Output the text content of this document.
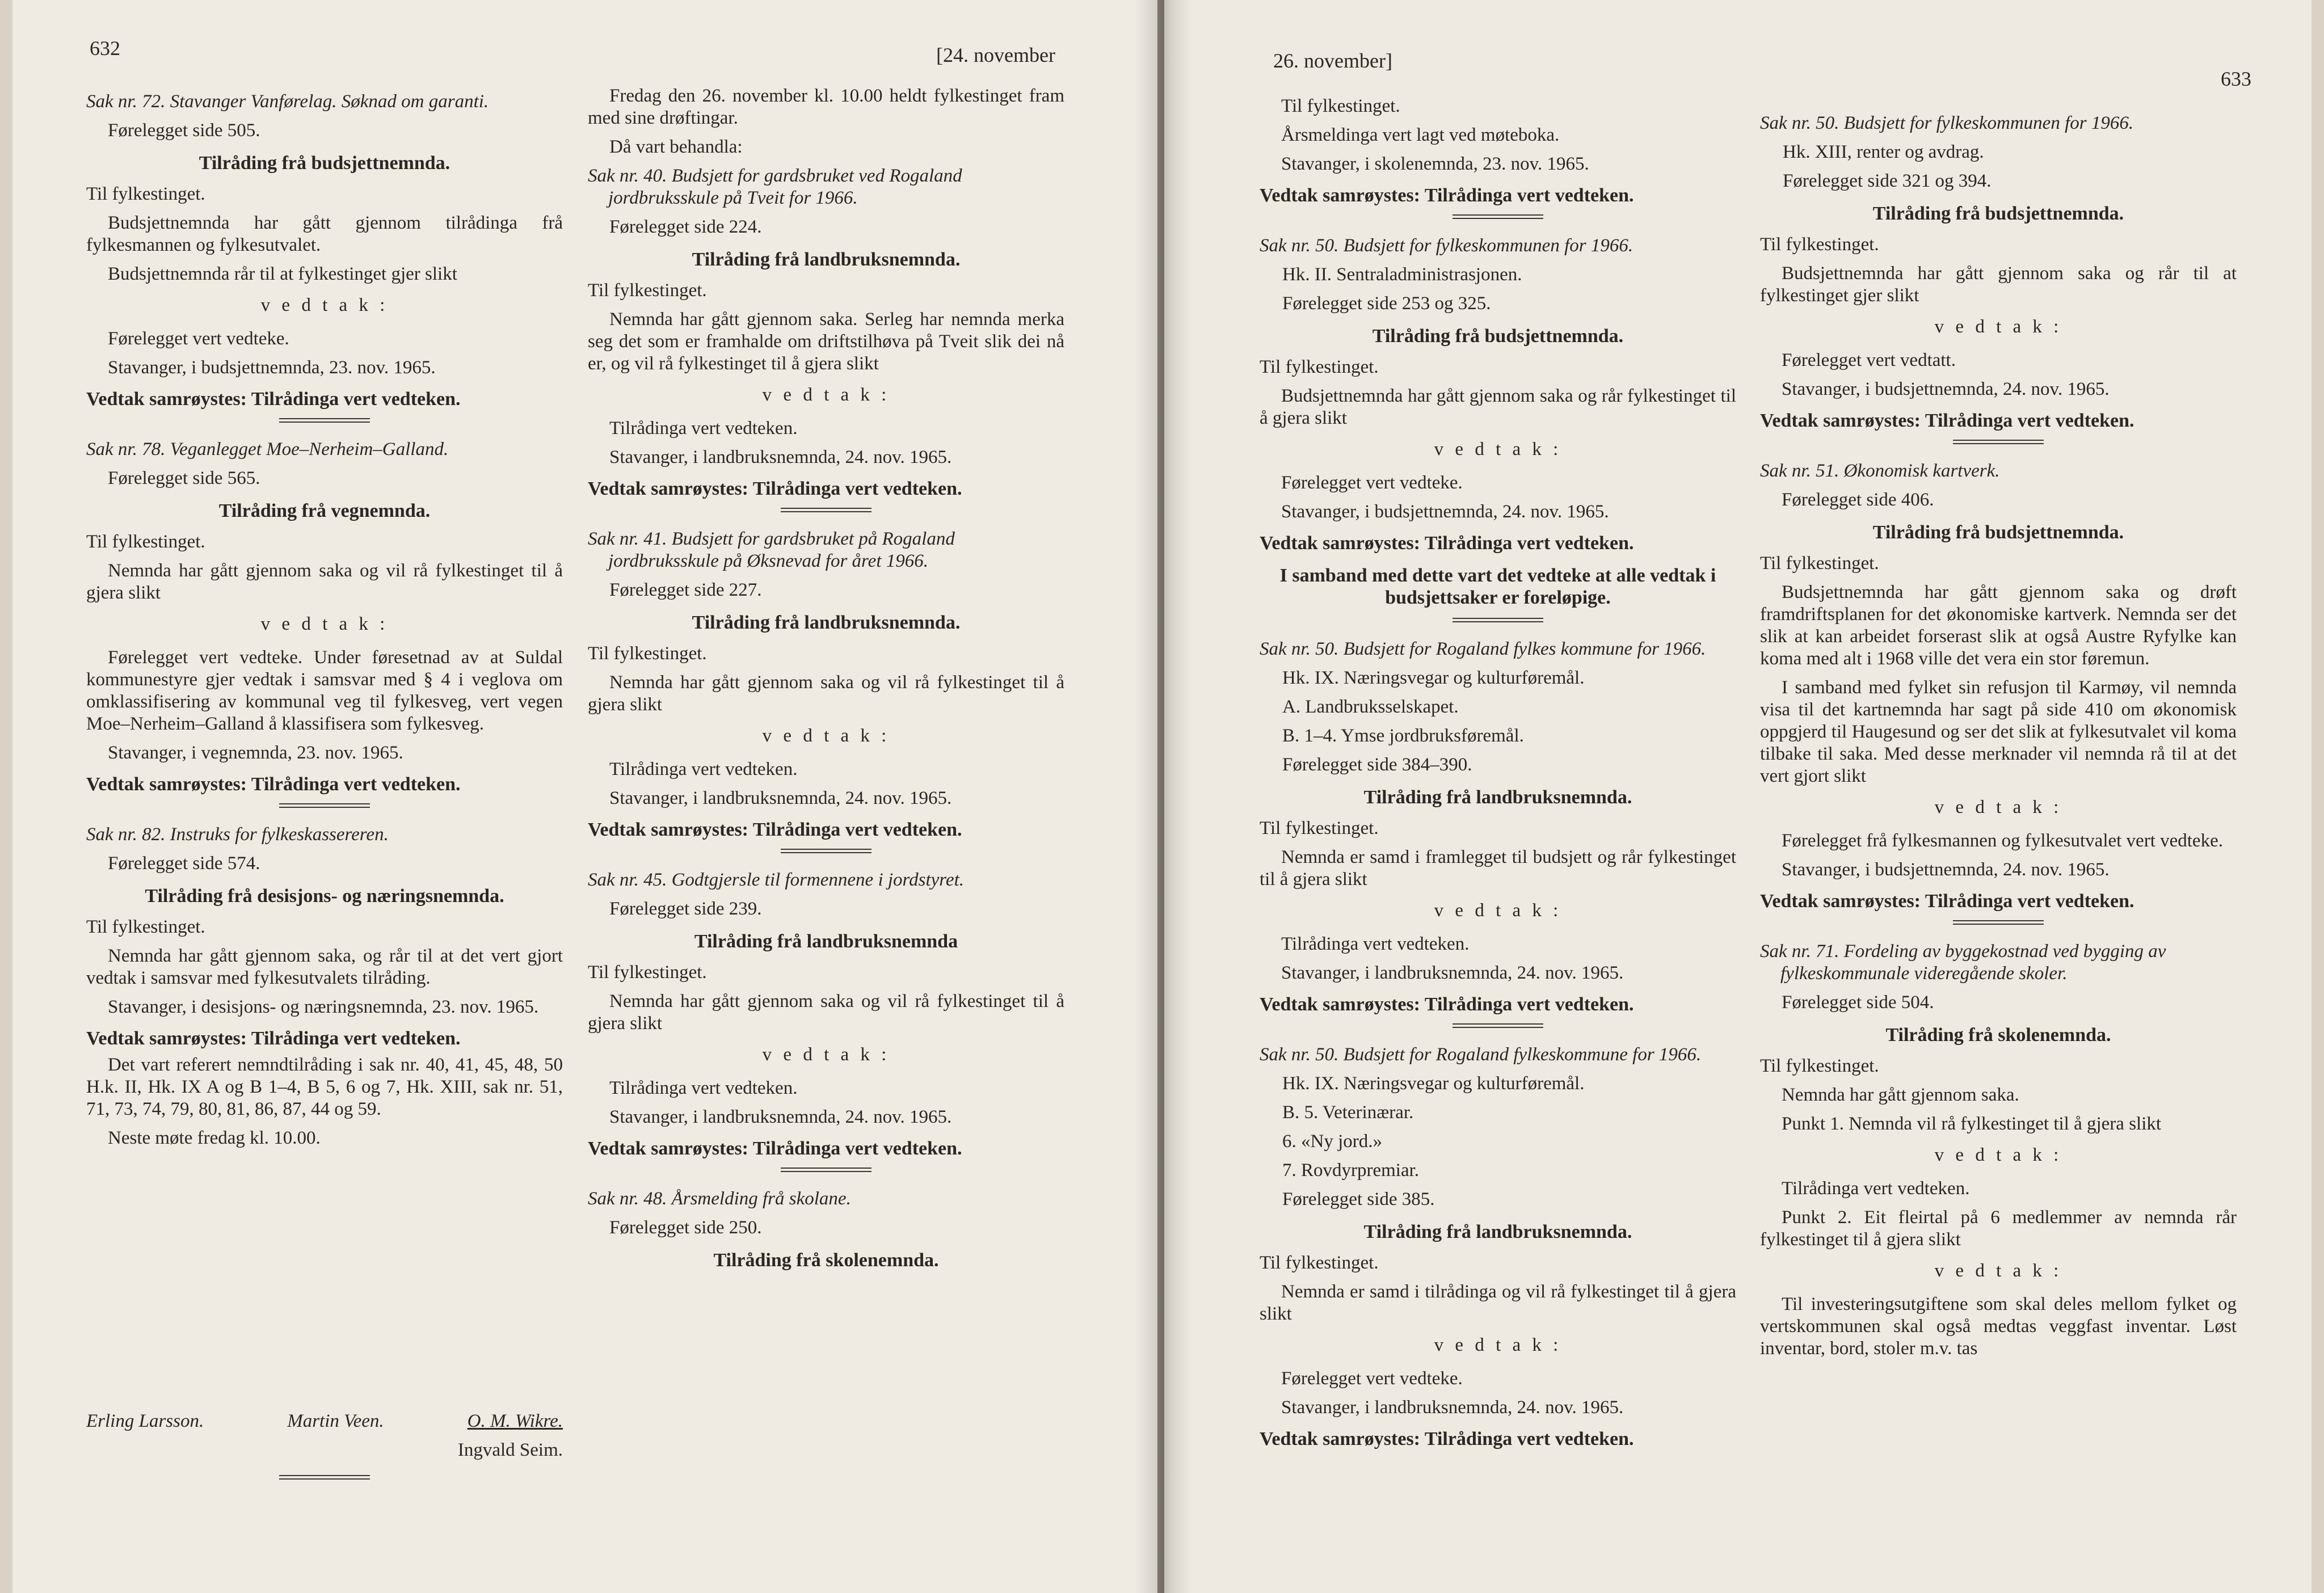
632	[24. november

Sak nr. 72. Stavanger Vanførelag. Søknad om garanti.

Førelegget side 505.

Tilråding frå budsjettnemnda.

Til fylkestinget.

Budsjettnemnda har gått gjennom tilrådinga frå fylkesmannen og fylkesutvalet.

Budsjettnemnda rår til at fylkestinget gjer slikt

v e d t a k :

Førelegget vert vedteke.

Stavanger, i budsjettnemnda, 23. nov. 1965.

Vedtak samrøystes: Tilrådinga vert vedteken.

Sak nr. 78. Veganlegget Moe–Nerheim–Galland.

Førelegget side 565.

Tilråding frå vegnemnda.

Til fylkestinget.

Nemnda har gått gjennom saka og vil rå fylkestinget til å gjera slikt

v e d t a k :

Førelegget vert vedteke. Under føresetnad av at Suldal kommunestyre gjer vedtak i samsvar med § 4 i veglova om omklassifisering av kommunal veg til fylkesveg, vert vegen Moe–Nerheim–Galland å klassifisera som fylkesveg.

Stavanger, i vegnemnda, 23. nov. 1965.

Vedtak samrøystes: Tilrådinga vert vedteken.

Sak nr. 82. Instruks for fylkeskassereren.

Førelegget side 574.

Tilråding frå desisjons- og næringsnemnda.

Til fylkestinget.

Nemnda har gått gjennom saka, og rår til at det vert gjort vedtak i samsvar med fylkesutvalets tilråding.

Stavanger, i desisjons- og næringsnemnda, 23. nov. 1965.

Vedtak samrøystes: Tilrådinga vert vedteken.

Det vart referert nemndtilråding i sak nr. 40, 41, 45, 48, 50 H.k. II, Hk. IX A og B 1–4, B 5, 6 og 7, Hk. XIII, sak nr. 51, 71, 73, 74, 79, 80, 81, 86, 87, 44 og 59.

Neste møte fredag kl. 10.00.

Erling Larsson.	Martin Veen.	O. M. Wikre.

Ingvald Seim.

Fredag den 26. november kl. 10.00 heldt fylkestinget fram med sine drøftingar.

Då vart behandla:

Sak nr. 40. Budsjett for gardsbruket ved Rogaland jordbruksskule på Tveit for 1966.

Førelegget side 224.

Tilråding frå landbruksnemnda.

Til fylkestinget.

Nemnda har gått gjennom saka. Serleg har nemnda merka seg det som er framhalde om driftstilhøva på Tveit slik dei nå er, og vil rå fylkestinget til å gjera slikt

v e d t a k :

Tilrådinga vert vedteken.

Stavanger, i landbruksnemnda, 24. nov. 1965.

Vedtak samrøystes: Tilrådinga vert vedteken.

Sak nr. 41. Budsjett for gardsbruket på Rogaland jordbruksskule på Øksnevad for året 1966.

Førelegget side 227.

Tilråding frå landbruksnemnda.

Til fylkestinget.

Nemnda har gått gjennom saka og vil rå fylkestinget til å gjera slikt

v e d t a k :

Tilrådinga vert vedteken.

Stavanger, i landbruksnemnda, 24. nov. 1965.

Vedtak samrøystes: Tilrådinga vert vedteken.

Sak nr. 45. Godtgjersle til formennene i jordstyret.

Førelegget side 239.

Tilråding frå landbruksnemnda

Til fylkestinget.

Nemnda har gått gjennom saka og vil rå fylkestinget til å gjera slikt

v e d t a k :

Tilrådinga vert vedteken.

Stavanger, i landbruksnemnda, 24. nov. 1965.

Vedtak samrøystes: Tilrådinga vert vedteken.

Sak nr. 48. Årsmelding frå skolane.

Førelegget side 250.

Tilråding frå skolenemnda.

26. november]
633

Til fylkestinget.

Årsmeldinga vert lagt ved møteboka.

Stavanger, i skolenemnda, 23. nov. 1965.

Vedtak samrøystes: Tilrådinga vert vedteken.

Sak nr. 50. Budsjett for fylkeskommunen for 1966.

Hk. II. Sentraladministrasjonen.

Førelegget side 253 og 325.

Tilråding frå budsjettnemnda.

Til fylkestinget.

Budsjettnemnda har gått gjennom saka og rår fylkestinget til å gjera slikt

v e d t a k :

Førelegget vert vedteke.

Stavanger, i budsjettnemnda, 24. nov. 1965.

Vedtak samrøystes: Tilrådinga vert vedteken.

I samband med dette vart det vedteke at alle vedtak i budsjettsaker er foreløpige.

Sak nr. 50. Budsjett for Rogaland fylkes kommune for 1966.

Hk. IX. Næringsvegar og kulturføremål.

A. Landbruksselskapet.

B. 1–4. Ymse jordbruksføremål.

Førelegget side 384–390.

Tilråding frå landbruksnemnda.

Til fylkestinget.

Nemnda er samd i framlegget til budsjett og rår fylkestinget til å gjera slikt

v e d t a k :

Tilrådinga vert vedteken.

Stavanger, i landbruksnemnda, 24. nov. 1965.

Vedtak samrøystes: Tilrådinga vert vedteken.

Sak nr. 50. Budsjett for Rogaland fylkeskommune for 1966.

Hk. IX. Næringsvegar og kulturføremål.

B. 5. Veterinærar.

6. «Ny jord.»

7. Rovdyrpremiar.

Førelegget side 385.

Tilråding frå landbruksnemnda.

Til fylkestinget.

Nemnda er samd i tilrådinga og vil rå fylkestinget til å gjera slikt

v e d t a k :

Førelegget vert vedteke.

Stavanger, i landbruksnemnda, 24. nov. 1965.

Vedtak samrøystes: Tilrådinga vert vedteken.

Sak nr. 50. Budsjett for fylkeskommunen for 1966.

Hk. XIII, renter og avdrag.

Førelegget side 321 og 394.

Tilråding frå budsjettnemnda.

Til fylkestinget.

Budsjettnemnda har gått gjennom saka og rår til at fylkestinget gjer slikt

v e d t a k :

Førelegget vert vedtatt.

Stavanger, i budsjettnemnda, 24. nov. 1965.

Vedtak samrøystes: Tilrådinga vert vedteken.

Sak nr. 51. Økonomisk kartverk.

Førelegget side 406.

Tilråding frå budsjettnemnda.

Til fylkestinget.

Budsjettnemnda har gått gjennom saka og drøft framdriftsplanen for det økonomiske kartverk. Nemnda ser det slik at kan arbeidet forserast slik at også Austre Ryfylke kan koma med alt i 1968 ville det vera ein stor føremun.

I samband med fylket sin refusjon til Karmøy, vil nemnda visa til det kartnemnda har sagt på side 410 om økonomisk oppgjerd til Haugesund og ser det slik at fylkesutvalet vil koma tilbake til saka. Med desse merknader vil nemnda rå til at det vert gjort slikt

v e d t a k :

Førelegget frå fylkesmannen og fylkesutvalet vert vedteke.

Stavanger, i budsjettnemnda, 24. nov. 1965.

Vedtak samrøystes: Tilrådinga vert vedteken.

Sak nr. 71. Fordeling av byggekostnad ved bygging av fylkeskommunale videregående skoler.

Førelegget side 504.

Tilråding frå skolenemnda.

Til fylkestinget.

Nemnda har gått gjennom saka.

Punkt 1. Nemnda vil rå fylkestinget til å gjera slikt

v e d t a k :

Tilrådinga vert vedteken.

Punkt 2. Eit fleirtal på 6 medlemmer av nemnda rår fylkestinget til å gjera slikt

v e d t a k :

Til investeringsutgiftene som skal deles mellom fylket og vertskommunen skal også medtas veggfast inventar. Løst inventar, bord, stoler m.v. tas
